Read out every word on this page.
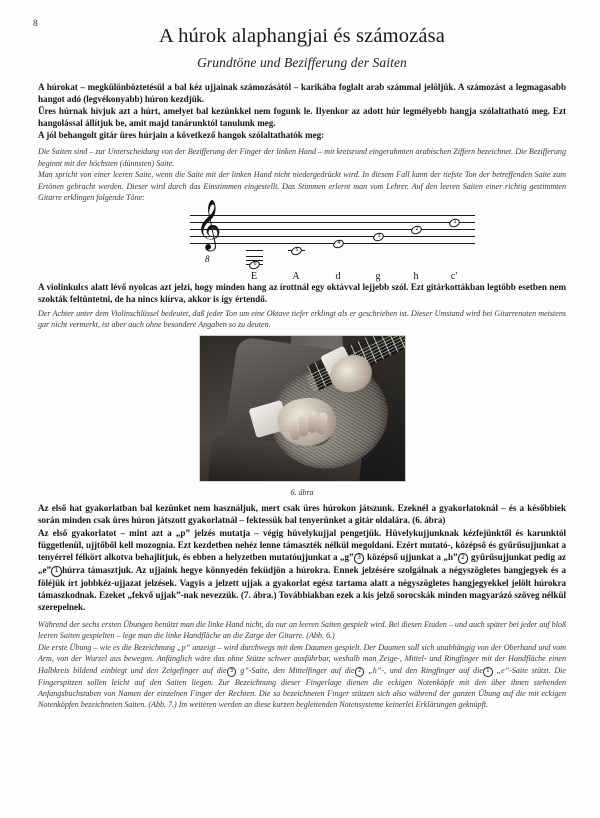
8
A húrok alaphangjai és számozása
Grundtöne und Bezifferung der Saiten

A húrokat – megkülönböztetésül a bal kéz ujjainak számozásától – karikába foglalt arab számmal jelöljük. A számozást a legmagasabb hangot adó (legvékonyabb) húron kezdjük.

Üres húrnak hívjuk azt a húrt, amelyet bal kezünkkel nem fogunk le. Ilyenkor az adott húr legmélyebb hangja szólaltatható meg. Ezt hangolással állítjuk be, amit majd tanárunktól tanulunk meg.

A jól behangolt gitár üres húrjain a következő hangok szólaltathatók meg:

Die Saiten sind – zur Unterscheidung von der Bezifferung der Finger der linken Hand – mit kreisrund eingerahmten arabischen Ziffern bezeichnet. Die Bezifferung beginnt mit der höchsten (dünnsten) Saite.

Man spricht von einer leeren Saite, wenn die Saite mit der linken Hand nicht niedergedrückt wird. In diesem Fall kann der tiefste Ton der betreffenden Saite zum Ertönen gebracht werden. Dieser wird durch das Einstimmen eingestellt. Das Stimmen erlernt man vom Lehrer. Auf den leeren Saiten einer richtig gestimmten Gitarre erklingen folgende Töne:

𝄞
8
6
5
4
3
2
1
E	A	d	g	h	c'

A violinkulcs alatt lévő nyolcas azt jelzi, hogy minden hang az írottnál egy oktávval lejjebb szól. Ezt gitárkottákban legtöbb esetben nem szokták feltüntetni, de ha nincs kiírva, akkor is így értendő.

Der Achter unter dem Violinschlüssel bedeutet, daß jeder Ton um eine Oktave tiefer erklingt als er geschrieben ist. Dieser Umstand wird bei Gitarrenoten meistens gar nicht vermerkt, ist aber auch ohne besondere Angaben so zu deuten.

6. ábra

Az első hat gyakorlatban bal kezünket nem használjuk, mert csak üres húrokon játszunk. Ezeknél a gyakorlatoknál – és a későbbiek során minden csak üres húron játszott gyakorlatnál – fektessük bal tenyerünket a gitár oldalára. (6. ábra)

Az első gyakorlatot – mint azt a „p” jelzés mutatja – végig hüvelykujjal pengetjük. Hüvelykujjunknak kézfejünktől és karunktól függetlenül, ujjtőből kell mozognia. Ezt kezdetben nehéz lenne támaszték nélkül megoldani. Ezért mutató-, középső és gyűrűsujjunkat a tenyérrel félkört alkotva behajlítjuk, és ebben a helyzetben mutatóujjunkat a „g” 3 középső ujjunkat a „h” 2 gyűrűsujjunkat pedig az „e” 1 húrra támasztjuk. Az ujjaink hegye könnyedén feküdjön a húrokra. Ennek jelzésére szolgálnak a négyszögletes hangjegyek és a föléjük írt jobbkéz-ujjazat jelzések. Vagyis a jelzett ujjak a gyakorlat egész tartama alatt a négyszögletes hangjegyekkel jelölt húrokra támaszkodnak. Ezeket „fekvő ujjak”-nak nevezzük. (7. ábra.) Továbbiakban ezek a kis jelző sorocskák minden magyarázó szöveg nélkül szerepelnek.

Während der sechs ersten Übungen benützt man die linke Hand nicht, da nur an leeren Saiten gespielt wird. Bei diesen Etuden – und auch später bei jeder auf bloß leeren Saiten gespielten – lege man die linke Handfläche an die Zarge der Gitarre. (Abb. 6.)

Die erste Übung – wie es die Bezeichnung „p” anzeigt – wird durchwegs mit dem Daumen gespielt. Der Daumen soll sich unabhängig von der Oberhand und vom Arm, von der Wurzel aus bewegen. Anfänglich wäre das ohne Stütze schwer ausführbar, weshalb man Zeige-, Mittel- und Ringfinger mit der Handfläche einen Halbkreis bildend einbiegt und den Zeigefinger auf die 3 g”-Saite, den Mittelfinger auf die 2 „h”-, und den Ringfinger auf die 1 „e”-Saite stützt. Die Fingerspitzen sollen leicht auf den Saiten liegen. Zur Bezeichnung dieser Fingerlage dienen die eckigen Notenköpfe mit den über ihnen stehenden Anfangsbuchstaben von Namen der einzelnen Finger der Rechten. Die so bezeichneten Finger stützen sich also während der ganzen Übung auf die mit eckigen Notenköpfen bezeichneten Saiten. (Abb. 7.) Im weiteren werden an diese kurzen begleitenden Notensysteme keinerlei Erklärungen geknüpft.
